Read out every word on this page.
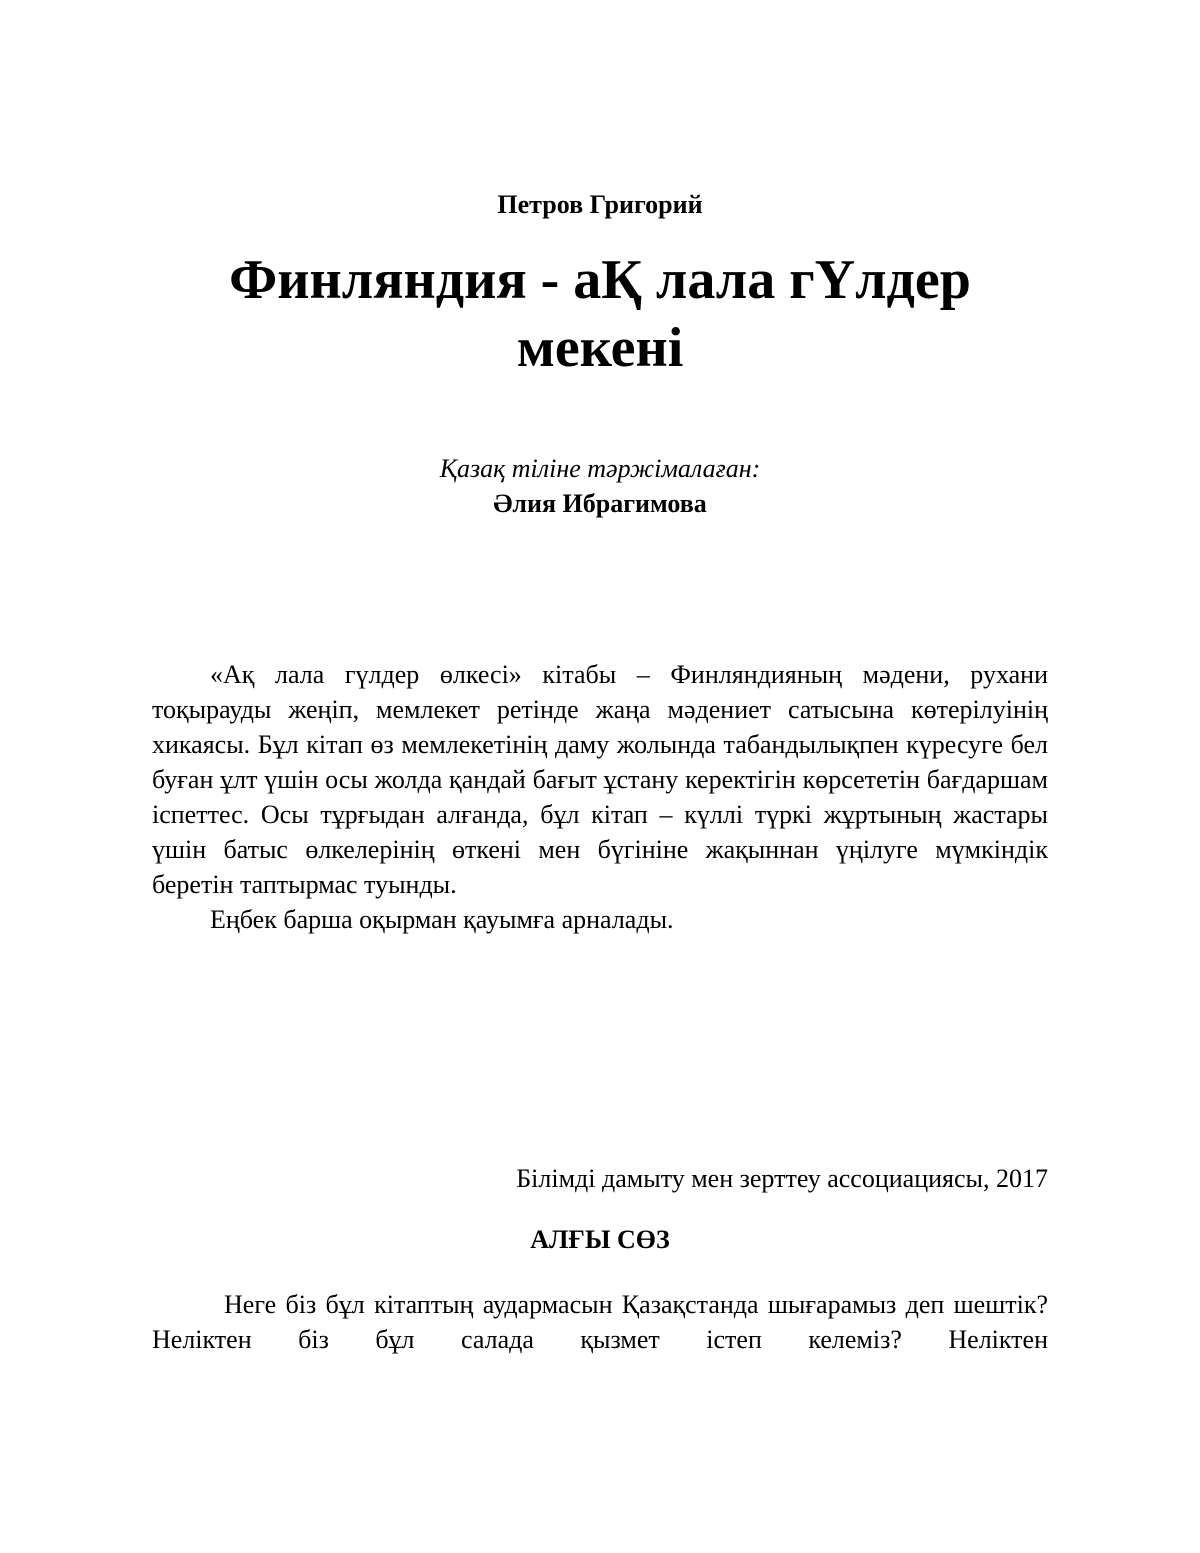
Петров Григорий
Финляндия - аҚ лала гҮлдер мекені
Қазақ тіліне тәржімалаған:
Әлия Ибрагимова

«Ақ лала гүлдер өлкесі» кітабы – Финляндияның мәдени, рухани тоқырауды жеңіп, мемлекет ретінде жаңа мәдениет сатысына көтерілуінің хикаясы. Бұл кітап өз мемлекетінің даму жолында табандылықпен күресуге бел буған ұлт үшін осы жолда қандай бағыт ұстану керектігін көрсететін бағдаршам іспеттес. Осы тұрғыдан алғанда, бұл кітап – күллі түркі жұртының жастары үшін батыс өлкелерінің өткені мен бүгініне жақыннан үңілуге мүмкіндік беретін таптырмас туынды.

Еңбек барша оқырман қауымға арналады.

Білімді дамыту мен зерттеу ассоциациясы, 2017
АЛҒЫ СӨЗ

Неге біз бұл кітаптың аудармасын Қазақстанда шығарамыз деп шештік? Неліктен біз бұл салада қызмет істеп келеміз? Неліктен
